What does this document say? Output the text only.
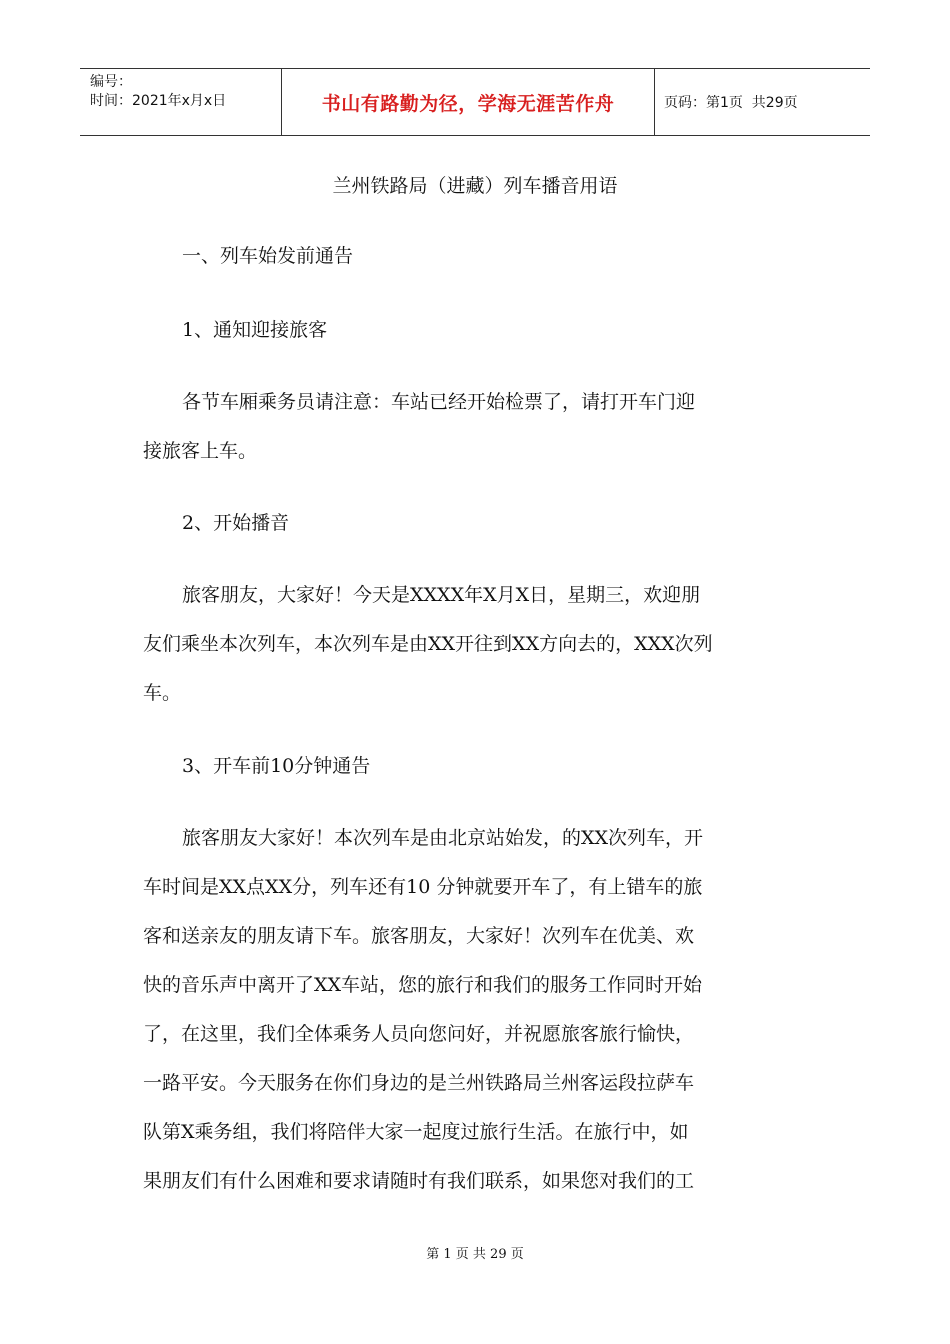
编号：
时间：2021年x月x日	书山有路勤为径，学海无涯苦作舟	页码：第1页  共29页
兰州铁路局（进藏）列车播音用语
一、列车始发前通告
1、通知迎接旅客
各节车厢乘务员请注意：车站已经开始检票了，请打开车门迎
接旅客上车。
2、开始播音
旅客朋友，大家好！今天是XXXX年X月X日，星期三，欢迎朋
友们乘坐本次列车，本次列车是由XX开往到XX方向去的，XXX次列
车。
3、开车前10分钟通告
旅客朋友大家好！本次列车是由北京站始发，的XX次列车，开
车时间是XX点XX分，列车还有10 分钟就要开车了，有上错车的旅
客和送亲友的朋友请下车。旅客朋友，大家好！次列车在优美、欢
快的音乐声中离开了XX车站，您的旅行和我们的服务工作同时开始
了，在这里，我们全体乘务人员向您问好，并祝愿旅客旅行愉快，
一路平安。今天服务在你们身边的是兰州铁路局兰州客运段拉萨车
队第X乘务组，我们将陪伴大家一起度过旅行生活。在旅行中，如
果朋友们有什么困难和要求请随时有我们联系，如果您对我们的工
第 1 页 共 29 页
